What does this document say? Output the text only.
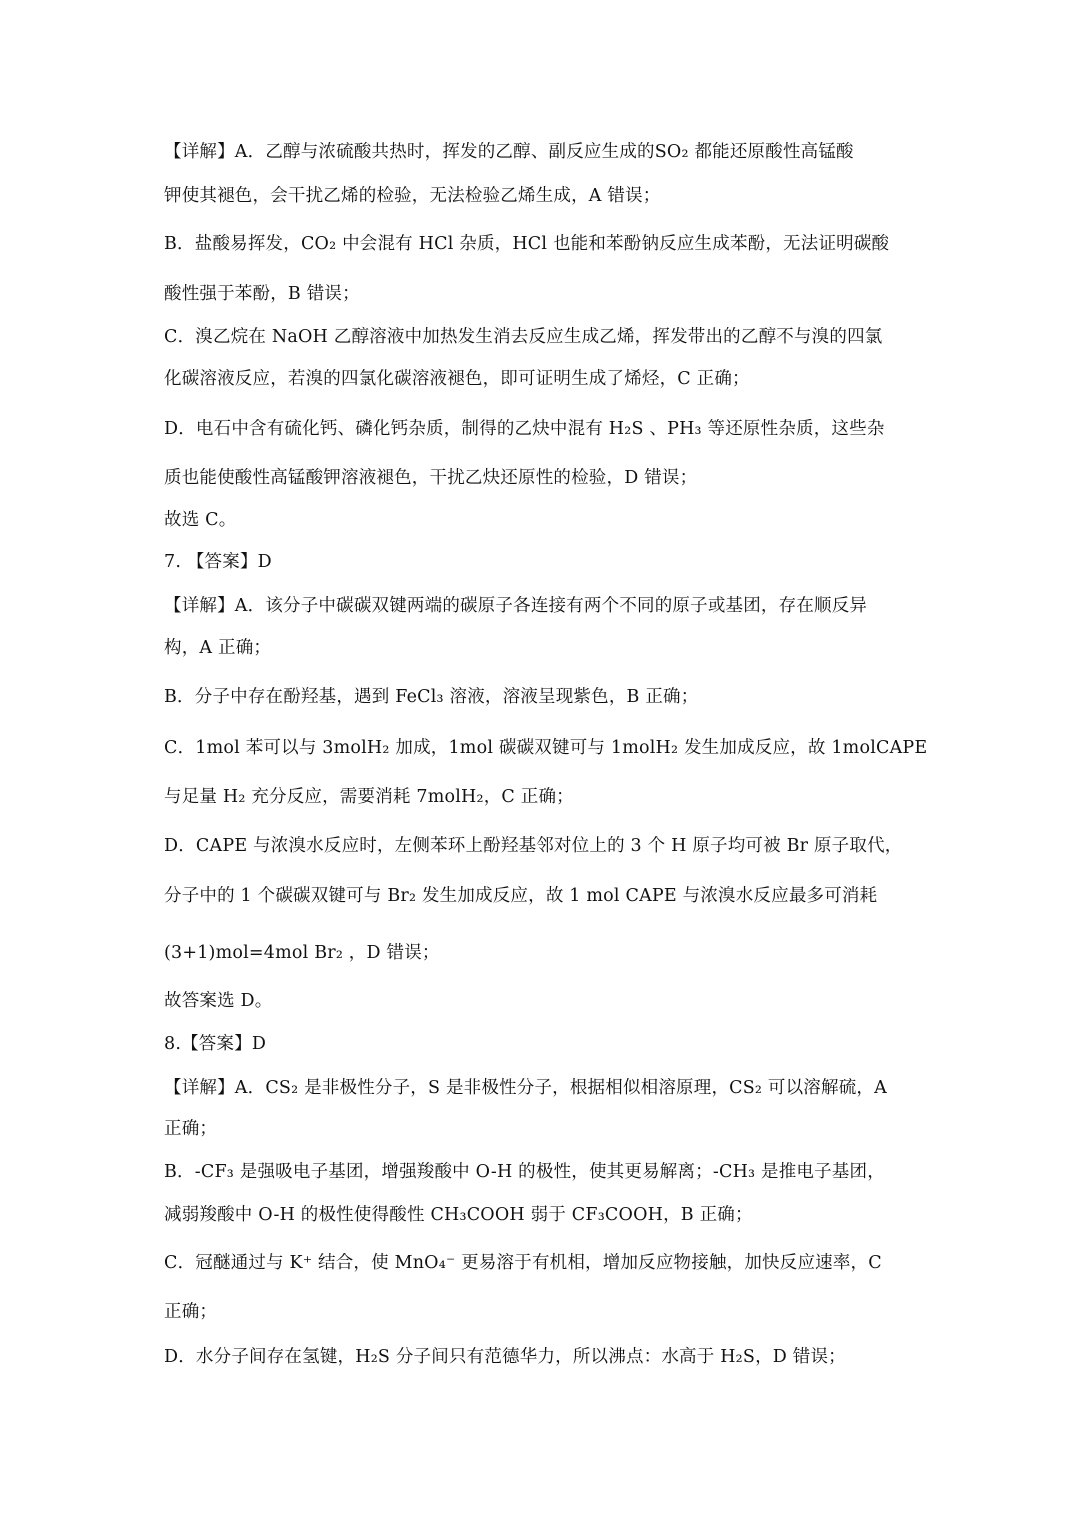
【详解】A．乙醇与浓硫酸共热时，挥发的乙醇、副反应生成的SO₂ 都能还原酸性高锰酸
钾使其褪色，会干扰乙烯的检验，无法检验乙烯生成，A 错误；
B．盐酸易挥发，CO₂ 中会混有 HCl 杂质，HCl 也能和苯酚钠反应生成苯酚，无法证明碳酸
酸性强于苯酚，B 错误；
C．溴乙烷在 NaOH 乙醇溶液中加热发生消去反应生成乙烯，挥发带出的乙醇不与溴的四氯
化碳溶液反应，若溴的四氯化碳溶液褪色，即可证明生成了烯烃，C 正确；
D．电石中含有硫化钙、磷化钙杂质，制得的乙炔中混有 H₂S 、PH₃ 等还原性杂质，这些杂
质也能使酸性高锰酸钾溶液褪色，干扰乙炔还原性的检验，D 错误；
故选 C。
7. 【答案】D
【详解】A．该分子中碳碳双键两端的碳原子各连接有两个不同的原子或基团，存在顺反异
构，A 正确；
B．分子中存在酚羟基，遇到 FeCl₃ 溶液，溶液呈现紫色，B 正确；
C．1mol 苯可以与 3molH₂ 加成，1mol 碳碳双键可与 1molH₂ 发生加成反应，故 1molCAPE
与足量 H₂ 充分反应，需要消耗 7molH₂，C 正确；
D．CAPE 与浓溴水反应时，左侧苯环上酚羟基邻对位上的 3 个 H 原子均可被 Br 原子取代，
分子中的 1 个碳碳双键可与 Br₂ 发生加成反应，故 1 mol CAPE 与浓溴水反应最多可消耗
(3+1)mol=4mol Br₂ ，D 错误；
故答案选 D。
8.【答案】D
【详解】A．CS₂ 是非极性分子，S 是非极性分子，根据相似相溶原理，CS₂ 可以溶解硫，A
正确；
B．-CF₃ 是强吸电子基团，增强羧酸中 O-H 的极性，使其更易解离；-CH₃ 是推电子基团，
减弱羧酸中 O-H 的极性使得酸性 CH₃COOH 弱于 CF₃COOH，B 正确；
C．冠醚通过与 K⁺ 结合，使 MnO₄⁻ 更易溶于有机相，增加反应物接触，加快反应速率，C
正确；
D．水分子间存在氢键，H₂S 分子间只有范德华力，所以沸点：水高于 H₂S，D 错误；
